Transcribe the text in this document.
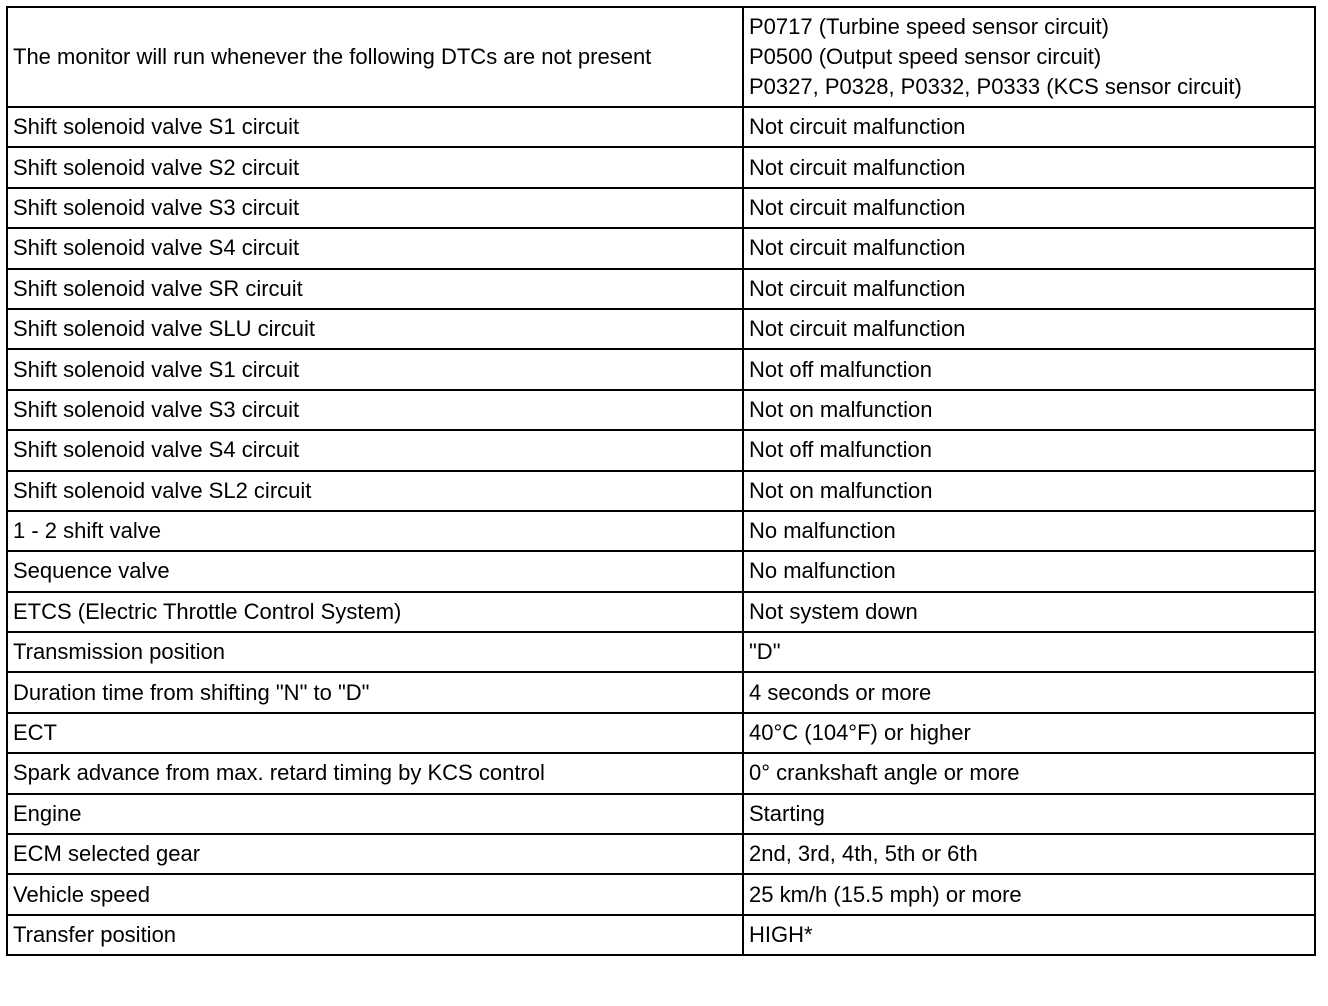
The monitor will run whenever the following DTCs are not present	P0717 (Turbine speed sensor circuit)
P0500 (Output speed sensor circuit)
P0327, P0328, P0332, P0333 (KCS sensor circuit)

Shift solenoid valve S1 circuit	Not circuit malfunction
Shift solenoid valve S2 circuit	Not circuit malfunction
Shift solenoid valve S3 circuit	Not circuit malfunction
Shift solenoid valve S4 circuit	Not circuit malfunction
Shift solenoid valve SR circuit	Not circuit malfunction
Shift solenoid valve SLU circuit	Not circuit malfunction
Shift solenoid valve S1 circuit	Not off malfunction
Shift solenoid valve S3 circuit	Not on malfunction
Shift solenoid valve S4 circuit	Not off malfunction
Shift solenoid valve SL2 circuit	Not on malfunction
1 - 2 shift valve	No malfunction
Sequence valve	No malfunction
ETCS (Electric Throttle Control System)	Not system down
Transmission position	"D"
Duration time from shifting "N" to "D"	4 seconds or more
ECT	40°C (104°F) or higher
Spark advance from max. retard timing by KCS control	0° crankshaft angle or more
Engine	Starting
ECM selected gear	2nd, 3rd, 4th, 5th or 6th
Vehicle speed	25 km/h (15.5 mph) or more
Transfer position	HIGH*
